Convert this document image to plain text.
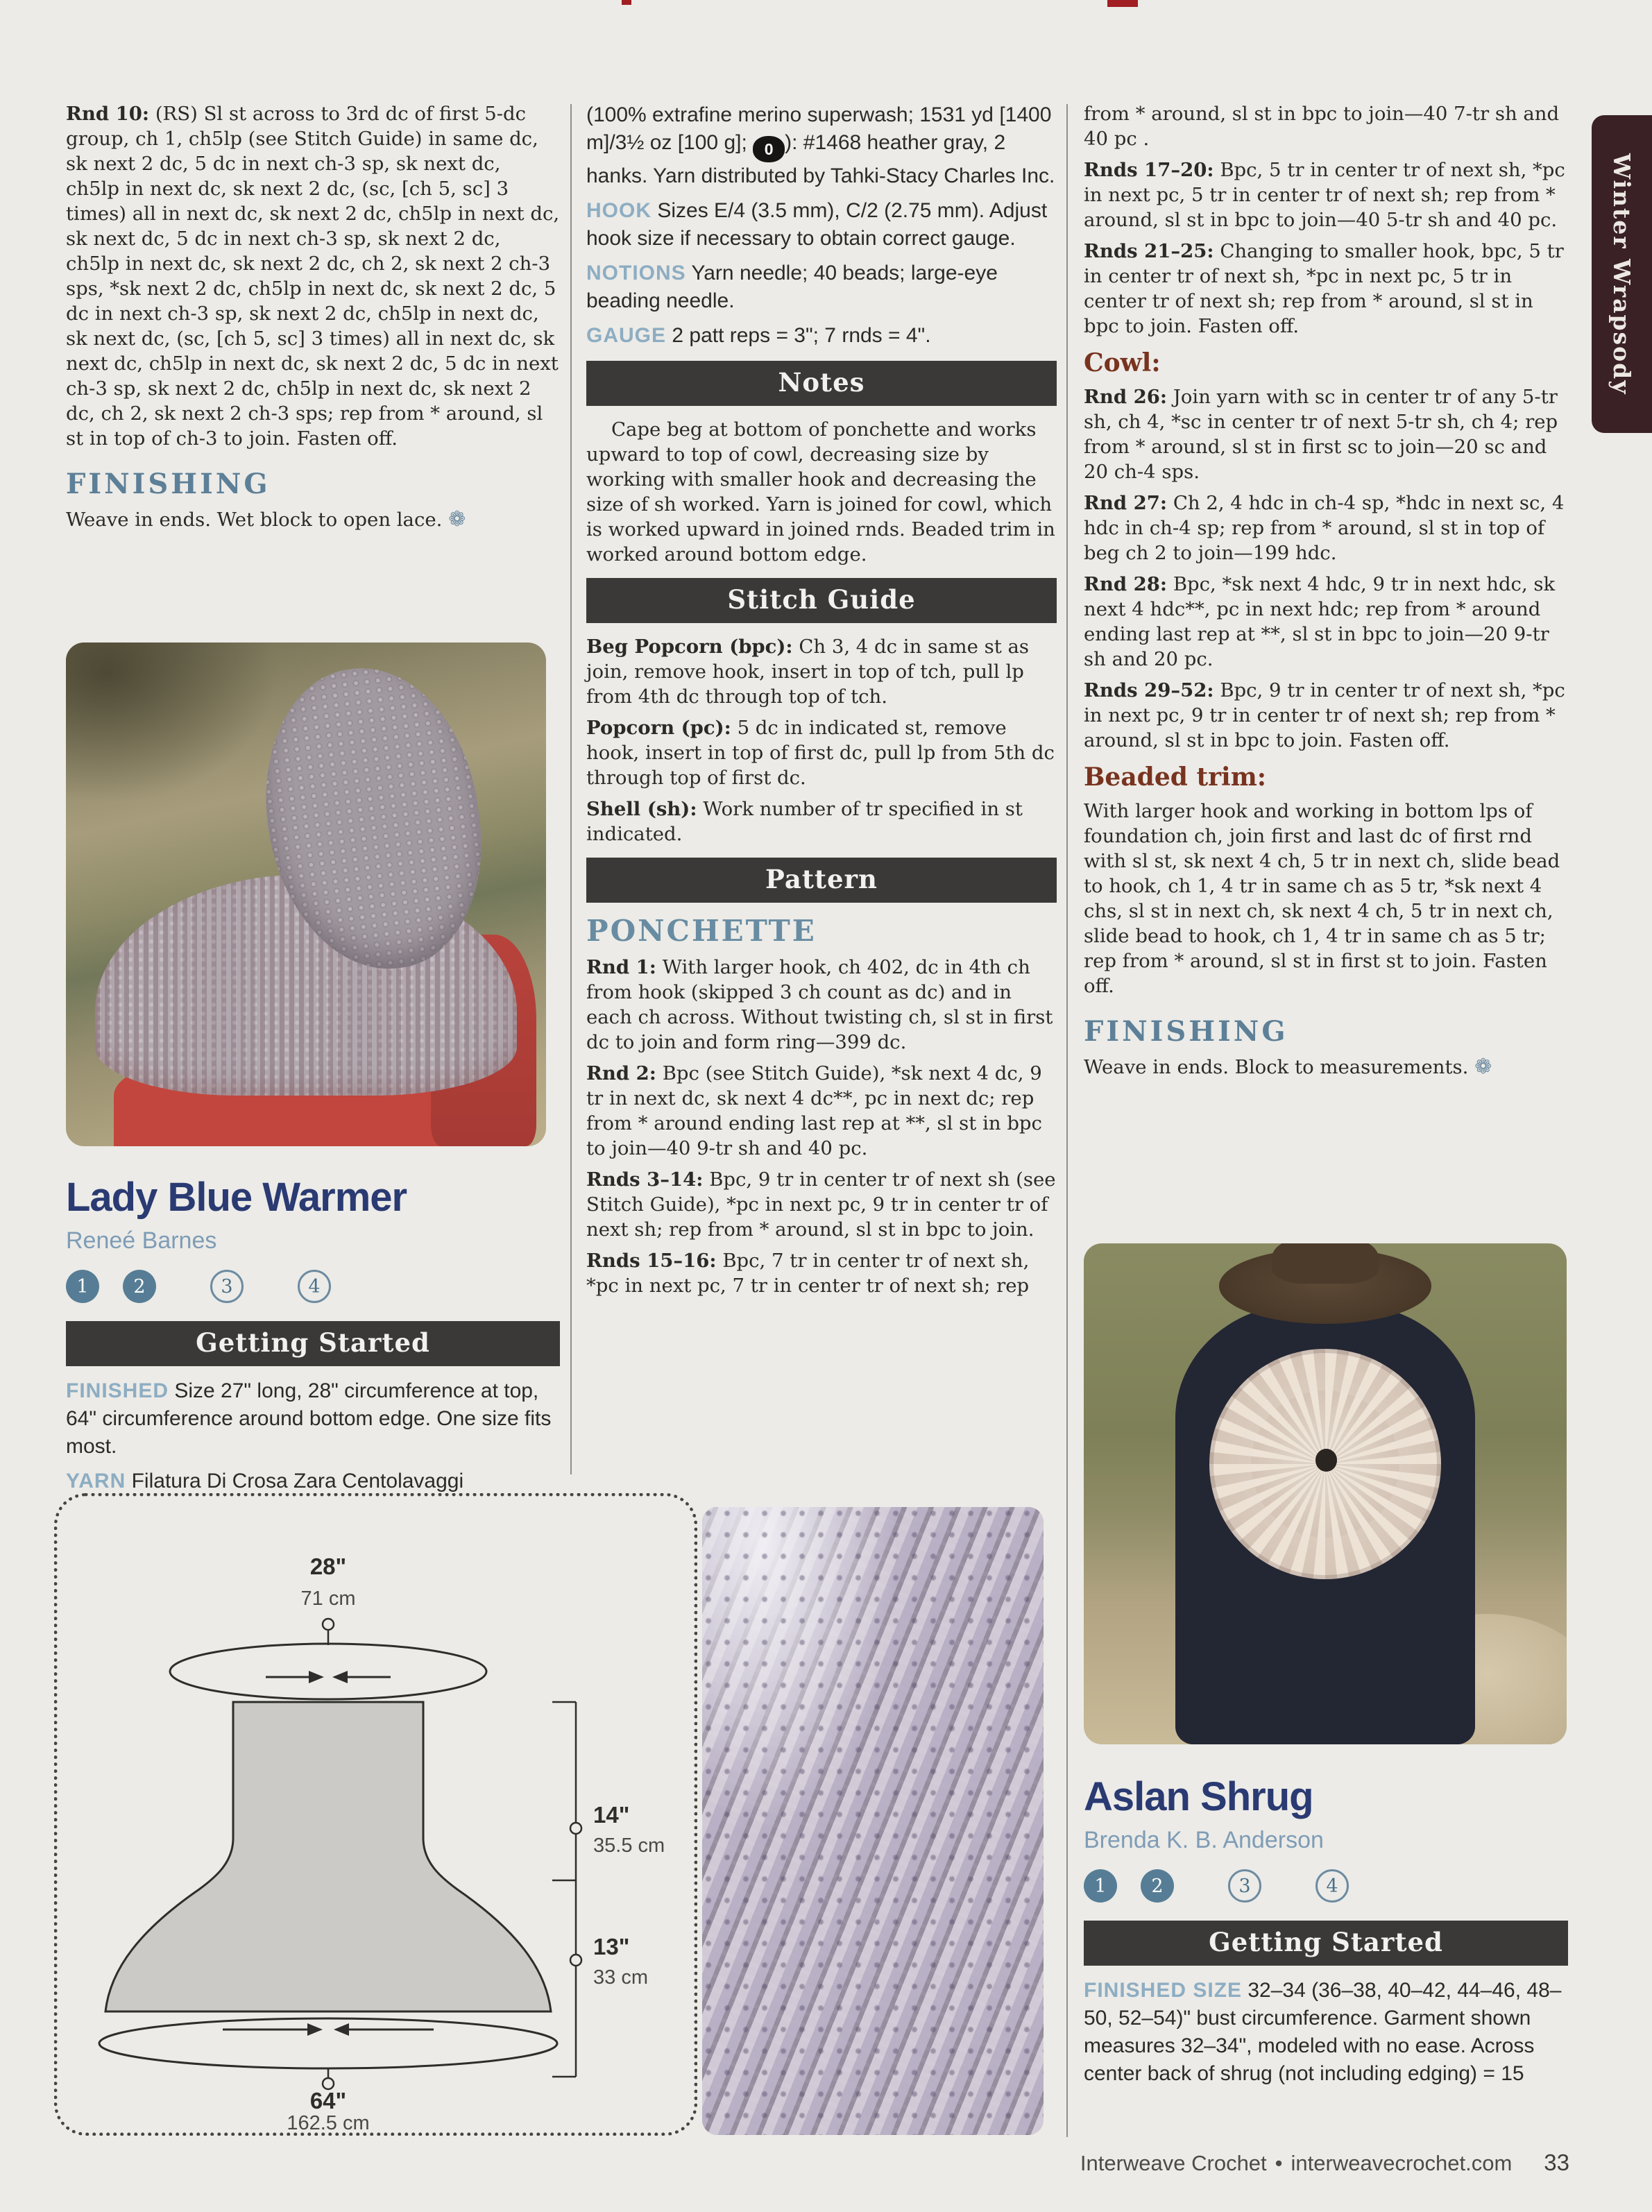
Rnd 10: (RS) Sl st across to 3rd dc of first 5-dc group, ch 1, ch5lp (see Stitch Guide) in same dc, sk next 2 dc, 5 dc in next ch-3 sp, sk next dc, ch5lp in next dc, sk next 2 dc, (sc, [ch 5, sc] 3 times) all in next dc, sk next 2 dc, ch5lp in next dc, sk next dc, 5 dc in next ch-3 sp, sk next 2 dc, ch5lp in next dc, sk next 2 dc, ch 2, sk next 2 ch-3 sps, *sk next 2 dc, ch5lp in next dc, sk next 2 dc, 5 dc in next ch-3 sp, sk next 2 dc, ch5lp in next dc, sk next dc, (sc, [ch 5, sc] 3 times) all in next dc, sk next dc, ch5lp in next dc, sk next 2 dc, 5 dc in next ch-3 sp, sk next 2 dc, ch5lp in next dc, sk next 2 dc, ch 2, sk next 2 ch-3 sps; rep from * around, sl st in top of ch-3 to join. Fasten off.

FINISHING

Weave in ends. Wet block to open lace. ❁

Lady Blue Warmer
Reneé Barnes
1	2	3	4
Getting Started

FINISHED Size 27" long, 28" circumference at top, 64" circumference around bottom edge. One size fits most.

YARN Filatura Di Crosa Zara Centolavaggi

(100% extrafine merino superwash; 1531 yd [1400 m]/3½ oz [100 g]; 0 ): #1468 heather gray, 2 hanks. Yarn distributed by Tahki-Stacy Charles Inc.

HOOK Sizes E/4 (3.5 mm), C/2 (2.75 mm). Adjust hook size if necessary to obtain correct gauge.

NOTIONS Yarn needle; 40 beads; large-eye beading needle.

GAUGE 2 patt reps = 3"; 7 rnds = 4".

Notes

Cape beg at bottom of ponchette and works upward to top of cowl, decreasing size by working with smaller hook and decreasing the size of sh worked. Yarn is joined for cowl, which is worked upward in joined rnds. Beaded trim in worked around bottom edge.

Stitch Guide

Beg Popcorn (bpc): Ch 3, 4 dc in same st as join, remove hook, insert in top of tch, pull lp from 4th dc through top of tch.

Popcorn (pc): 5 dc in indicated st, remove hook, insert in top of first dc, pull lp from 5th dc through top of first dc.

Shell (sh): Work number of tr specified in st indicated.

Pattern
PONCHETTE

Rnd 1: With larger hook, ch 402, dc in 4th ch from hook (skipped 3 ch count as dc) and in each ch across. Without twisting ch, sl st in first dc to join and form ring—399 dc.

Rnd 2: Bpc (see Stitch Guide), *sk next 4 dc, 9 tr in next dc, sk next 4 dc**, pc in next dc; rep from * around ending last rep at **, sl st in bpc to join—40 9-tr sh and 40 pc.

Rnds 3–14: Bpc, 9 tr in center tr of next sh (see Stitch Guide), *pc in next pc, 9 tr in center tr of next sh; rep from * around, sl st in bpc to join.

Rnds 15–16: Bpc, 7 tr in center tr of next sh, *pc in next pc, 7 tr in center tr of next sh; rep

from * around, sl st in bpc to join—40 7-tr sh and 40 pc .

Rnds 17–20: Bpc, 5 tr in center tr of next sh, *pc in next pc, 5 tr in center tr of next sh; rep from * around, sl st in bpc to join—40 5-tr sh and 40 pc.

Rnds 21–25: Changing to smaller hook, bpc, 5 tr in center tr of next sh, *pc in next pc, 5 tr in center tr of next sh; rep from * around, sl st in bpc to join. Fasten off.

Cowl:

Rnd 26: Join yarn with sc in center tr of any 5-tr sh, ch 4, *sc in center tr of next 5-tr sh, ch 4; rep from * around, sl st in first sc to join—20 sc and 20 ch-4 sps.

Rnd 27: Ch 2, 4 hdc in ch-4 sp, *hdc in next sc, 4 hdc in ch-4 sp; rep from * around, sl st in top of beg ch 2 to join—199 hdc.

Rnd 28: Bpc, *sk next 4 hdc, 9 tr in next hdc, sk next 4 hdc**, pc in next hdc; rep from * around ending last rep at **, sl st in bpc to join—20 9-tr sh and 20 pc.

Rnds 29–52: Bpc, 9 tr in center tr of next sh, *pc in next pc, 9 tr in center tr of next sh; rep from * around, sl st in bpc to join. Fasten off.

Beaded trim:

With larger hook and working in bottom lps of foundation ch, join first and last dc of first rnd with sl st, sk next 4 ch, 5 tr in next ch, slide bead to hook, ch 1, 4 tr in same ch as 5 tr, *sk next 4 chs, sl st in next ch, sk next 4 ch, 5 tr in next ch, slide bead to hook, ch 1, 4 tr in same ch as 5 tr; rep from * around, sl st in first st to join. Fasten off.

FINISHING

Weave in ends. Block to measurements. ❁

Aslan Shrug
Brenda K. B. Anderson
1	2	3	4
Getting Started

FINISHED SIZE 32–34 (36–38, 40–42, 44–46, 48–50, 52–54)" bust circumference. Garment shown measures 32–34", modeled with no ease. Across center back of shrug (not including edging) = 15

28"
71 cm
64"
162.5 cm
14"
35.5 cm
13"
33 cm
Interweave Crochet • interweavecrochet.com 33
Winter Wrapsody
